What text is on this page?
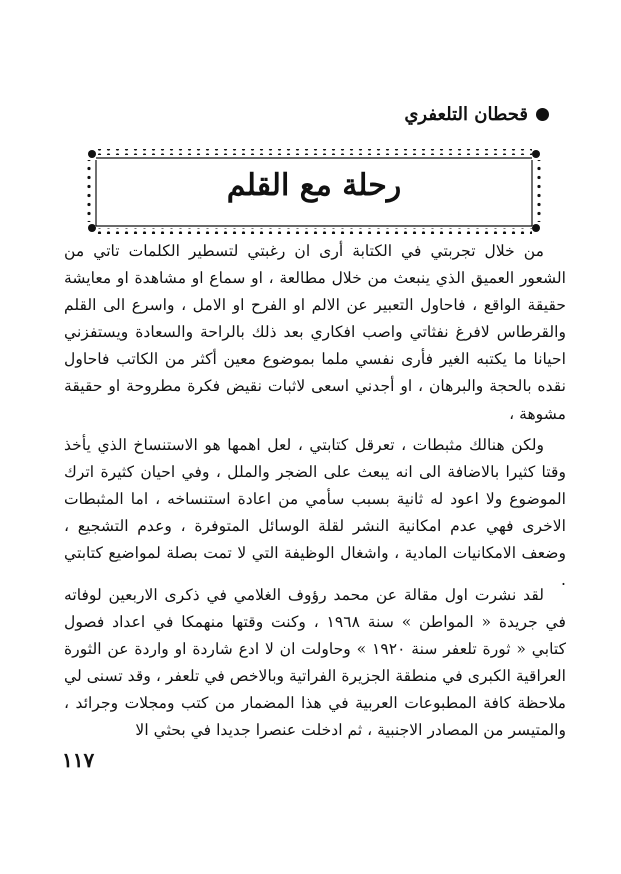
قحطان التلعفري
رحلة مع القلم

من خلال تجربتي في الكتابة أرى ان رغبتي لتسطير الكلمات تاتي من الشعور العميق الذي ينبعث من خلال مطالعة ، او سماع او مشاهدة او معايشة حقيقة الواقع ، فاحاول التعبير عن الالم او الفرح او الامل ، واسرع الى القلم والقرطاس لافرغ نفثاتي واصب افكاري بعد ذلك بالراحة والسعادة ويستفزني احيانا ما يكتبه الغير فأرى نفسي ملما بموضوع معين أكثر من الكاتب فاحاول نقده بالحجة والبرهان ، او أجدني اسعى لاثبات نقيض فكرة مطروحة او حقيقة مشوهة ،

ولكن هنالك مثبطات ، تعرقل كتابتي ، لعل اهمها هو الاستنساخ الذي يأخذ وقتا كثيرا بالاضافة الى انه يبعث على الضجر والملل ، وفي احيان كثيرة اترك الموضوع ولا اعود له ثانية بسبب سأمي من اعادة استنساخه ، اما المثبطات الاخرى فهي عدم امكانية النشر لقلة الوسائل المتوفرة ، وعدم التشجيع ، وضعف الامكانيات المادية ، واشغال الوظيفة التي لا تمت بصلة لمواضيع كتابتي .

لقد نشرت اول مقالة عن محمد رؤوف الغلامي في ذكرى الاربعين لوفاته في جريدة « المواطن » سنة ١٩٦٨ ، وكنت وقتها منهمكا في اعداد فصول كتابي « ثورة تلعفر سنة ١٩٢٠ » وحاولت ان لا ادع شاردة او واردة عن الثورة العراقية الكبرى في منطقة الجزيرة الفراتية وبالاخص في تلعفر ، وقد تسنى لي ملاحظة كافة المطبوعات العربية في هذا المضمار من كتب ومجلات وجرائد ، والمتيسر من المصادر الاجنبية ، ثم ادخلت عنصرا جديدا في بحثي الا

١١٧
